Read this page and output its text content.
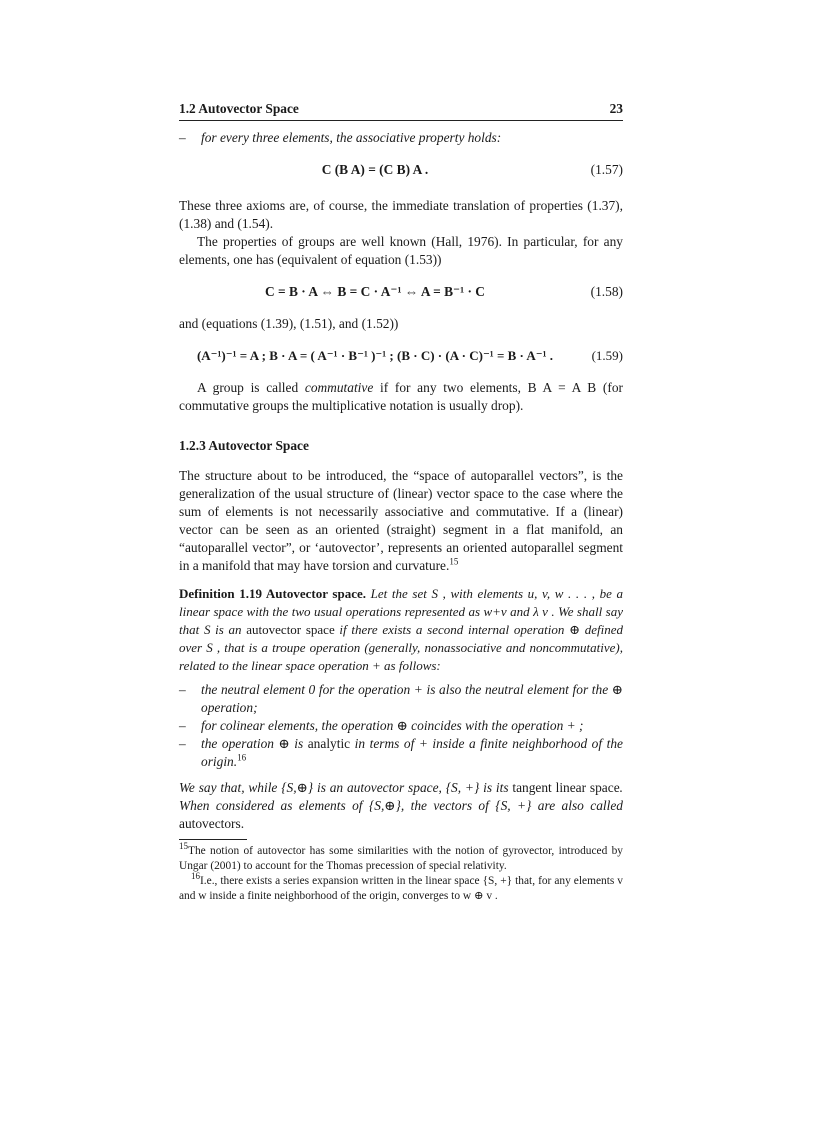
1.2 Autovector Space	23
–	for every three elements, the associative property holds:
C (B A) = (C B) A .	(1.57)

These three axioms are, of course, the immediate translation of properties (1.37), (1.38) and (1.54).

The properties of groups are well known (Hall, 1976). In particular, for any elements, one has (equivalent of equation (1.53))

C = B · A ⇔ B = C · A⁻¹ ⇔ A = B⁻¹ · C	(1.58)

and (equations (1.39), (1.51), and (1.52))

(A⁻¹)⁻¹ = A ; B · A = ( A⁻¹ · B⁻¹ )⁻¹ ; (B · C) · (A · C)⁻¹ = B · A⁻¹ .	(1.59)

A group is called commutative if for any two elements, B A = A B (for commutative groups the multiplicative notation is usually drop).

1.2.3 Autovector Space

The structure about to be introduced, the “space of autoparallel vectors”, is the generalization of the usual structure of (linear) vector space to the case where the sum of elements is not necessarily associative and commutative. If a (linear) vector can be seen as an oriented (straight) segment in a flat manifold, an “autoparallel vector”, or ‘autovector’, represents an oriented autoparallel segment in a manifold that may have torsion and curvature.$^{15}$

Definition 1.19 Autovector space. Let the set S , with elements u, v, w . . . , be a linear space with the two usual operations represented as w+v and λ v . We shall say that S is an autovector space if there exists a second internal operation ⊕ defined over S , that is a troupe operation (generally, nonassociative and noncommutative), related to the linear space operation + as follows:

–	the neutral element 0 for the operation + is also the neutral element for the ⊕ operation;
–	for colinear elements, the operation ⊕ coincides with the operation + ;
–	the operation ⊕ is analytic in terms of + inside a finite neighborhood of the origin.$^{16}$

We say that, while {S,⊕} is an autovector space, {S, +} is its tangent linear space. When considered as elements of {S,⊕}, the vectors of {S, +} are also called autovectors.

$^{15}$The notion of autovector has some similarities with the notion of gyrovector, introduced by Ungar (2001) to account for the Thomas precession of special relativity.

$^{16}$I.e., there exists a series expansion written in the linear space {S, +} that, for any elements v and w inside a finite neighborhood of the origin, converges to w ⊕ v .
